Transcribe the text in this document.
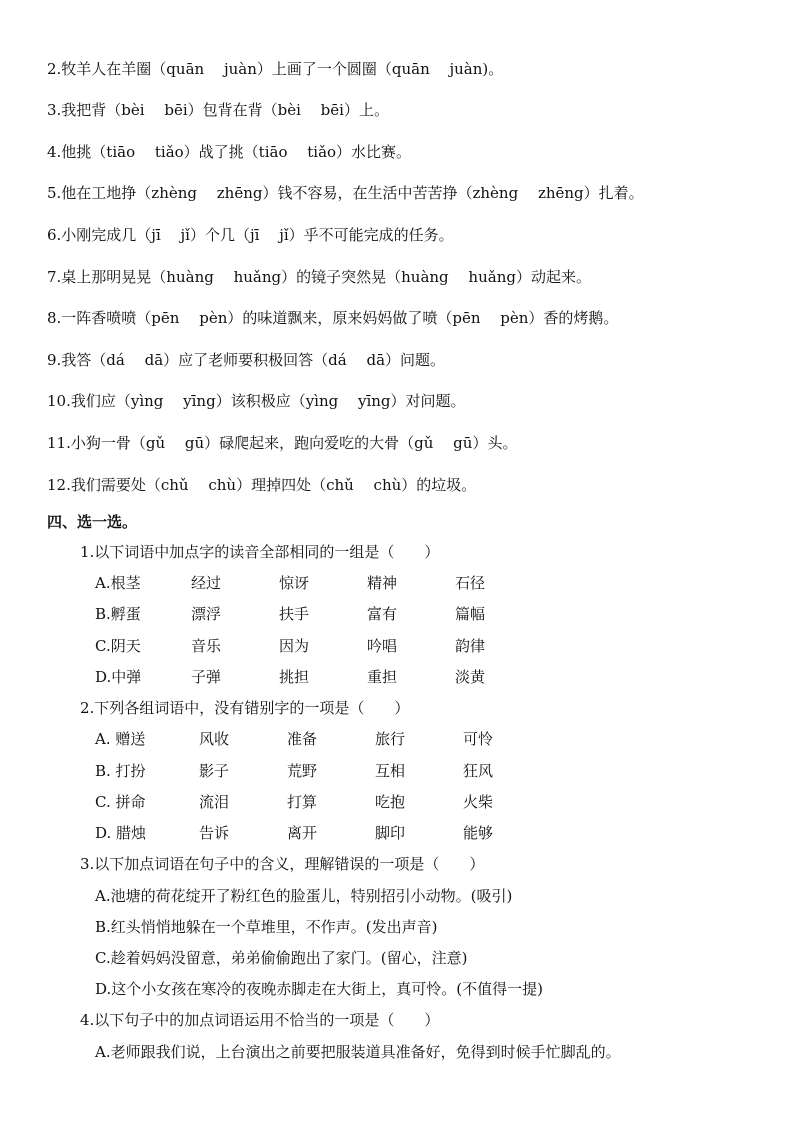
2.牧羊人在羊圈（quān　 juàn）上画了一个圆圈（quān　 juàn)。
3.我把背（bèi　 bēi）包背在背（bèi　 bēi）上。
4.他挑（tiāo　 tiǎo）战了挑（tiāo　 tiǎo）水比赛。
5.他在工地挣（zhèng　 zhēng）钱不容易，在生活中苦苦挣（zhèng　 zhēng）扎着。
6.小刚完成几（jī　 jǐ）个几（jī　 jǐ）乎不可能完成的任务。
7.桌上那明晃晃（huàng　 huǎng）的镜子突然晃（huàng　 huǎng）动起来。
8.一阵香喷喷（pēn　 pèn）的味道飘来，原来妈妈做了喷（pēn　 pèn）香的烤鹅。
9.我答（dá　 dā）应了老师要积极回答（dá　 dā）问题。
10.我们应（yìng　 yīng）该积极应（yìng　 yīng）对问题。
11.小狗一骨（gǔ　 gū）碌爬起来，跑向爱吃的大骨（gǔ　 gū）头。
12.我们需要处（chǔ　 chù）理掉四处（chǔ　 chù）的垃圾。
四、选一选。
1.以下词语中加点字的读音全部相同的一组是（　　）
A.根茎	经过	惊讶	精神	石径
B.孵蛋	漂浮	扶手	富有	篇幅
C.阴天	音乐	因为	吟唱	韵律
D.中弹	子弹	挑担	重担	淡黄
2.下列各组词语中，没有错别字的一项是（　　）
A. 赠送	风收	准备	旅行	可怜
B. 打扮	影子	荒野	互相	狂风
C. 拼命	流泪	打算	吃抱	火柴
D. 腊烛	告诉	离开	脚印	能够
3.以下加点词语在句子中的含义，理解错误的一项是（　　）
A.池塘的荷花绽开了粉红色的脸蛋儿，特别招引小动物。(吸引)
B.红头悄悄地躲在一个草堆里，不作声。(发出声音)
C.趁着妈妈没留意，弟弟偷偷跑出了家门。(留心，注意)
D.这个小女孩在寒冷的夜晚赤脚走在大街上，真可怜。(不值得一提)
4.以下句子中的加点词语运用不恰当的一项是（　　）
A.老师跟我们说，上台演出之前要把服装道具准备好，免得到时候手忙脚乱的。
